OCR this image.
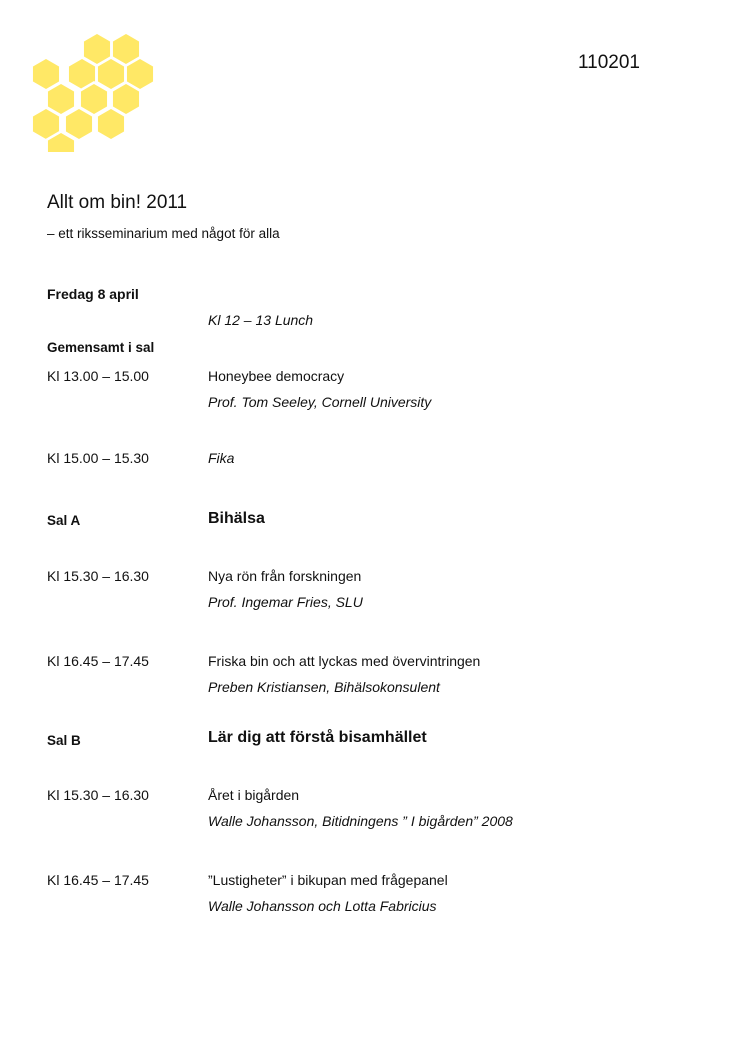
110201
Allt om bin! 2011
– ett riksseminarium med något för alla
Fredag 8 april
Kl 12 – 13 Lunch
Gemensamt i sal
Kl 13.00 – 15.00	Honeybee democracy
Prof. Tom Seeley, Cornell University
Kl 15.00 – 15.30	Fika
Sal A	Bihälsa
Kl 15.30 – 16.30	Nya rön från forskningen
Prof. Ingemar Fries, SLU
Kl 16.45 – 17.45	Friska bin och att lyckas med övervintringen
Preben Kristiansen, Bihälsokonsulent
Sal B	Lär dig att förstå bisamhället
Kl 15.30 – 16.30	Året i bigården
Walle Johansson, Bitidningens ” I bigården” 2008
Kl 16.45 – 17.45	”Lustigheter” i bikupan med frågepanel
Walle Johansson och Lotta Fabricius
